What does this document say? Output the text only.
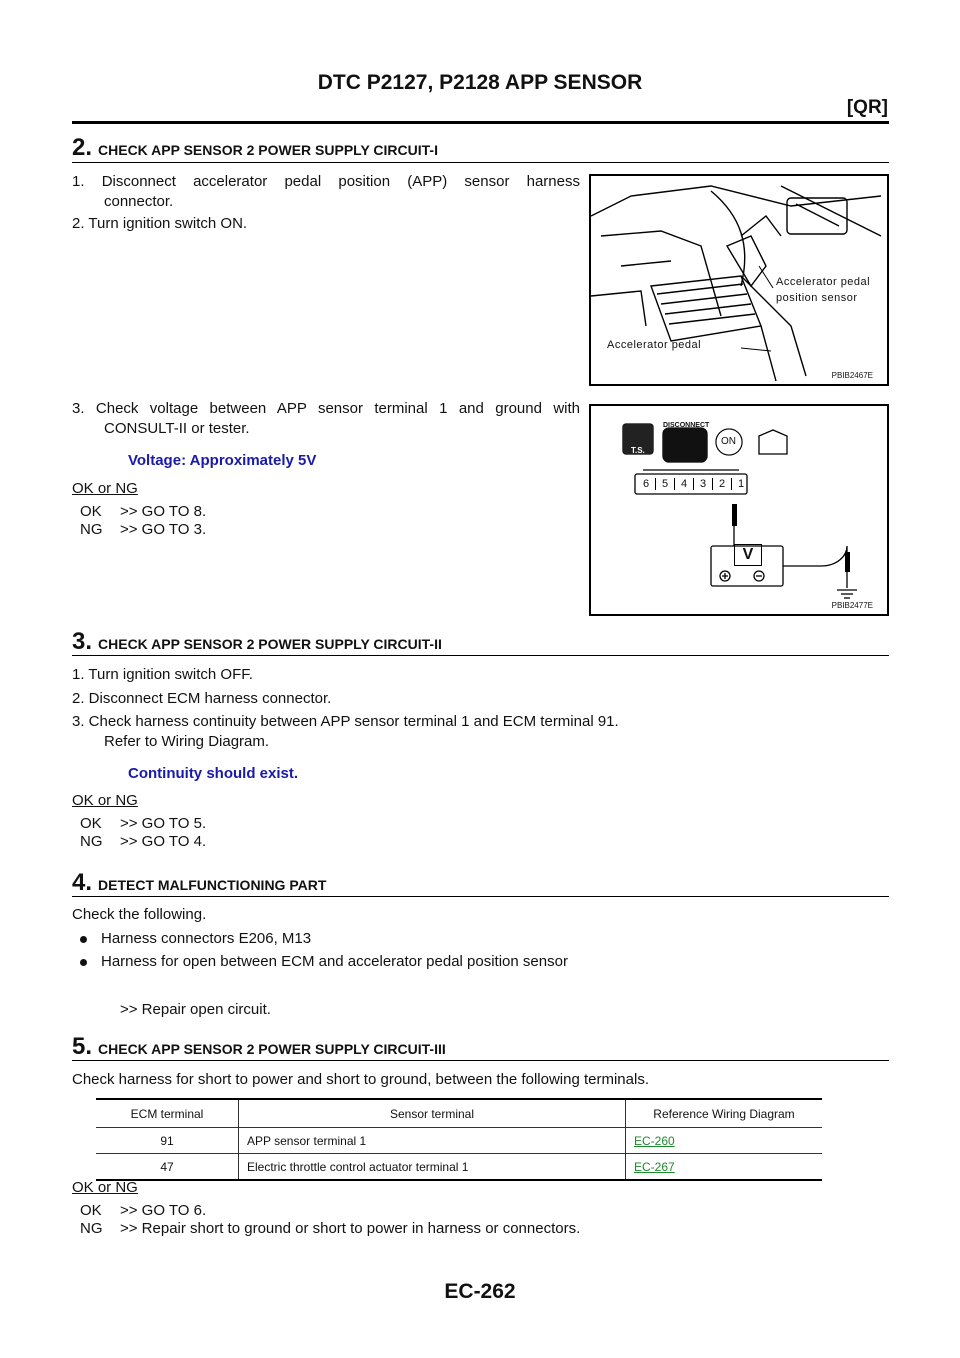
DTC P2127, P2128 APP SENSOR
[QR]
2. CHECK APP SENSOR 2 POWER SUPPLY CIRCUIT-I
1. Disconnect accelerator pedal position (APP) sensor harness
connector.
2. Turn ignition switch ON.
3. Check voltage between APP sensor terminal 1 and ground with
CONSULT-II or tester.
Voltage: Approximately 5V
OK or NG
OK >> GO TO 8.
NG >> GO TO 3.
Accelerator pedal
position sensor
Accelerator pedal
PBIB2467E
DISCONNECT
T.S.
ON
6	5	4	3	2	1
V
PBIB2477E
3. CHECK APP SENSOR 2 POWER SUPPLY CIRCUIT-II
1. Turn ignition switch OFF.
2. Disconnect ECM harness connector.
3. Check harness continuity between APP sensor terminal 1 and ECM terminal 91.
Refer to Wiring Diagram.
Continuity should exist.
OK or NG
OK >> GO TO 5.
NG >> GO TO 4.
4. DETECT MALFUNCTIONING PART
Check the following.
Harness connectors E206, M13
Harness for open between ECM and accelerator pedal position sensor
>> Repair open circuit.
5. CHECK APP SENSOR 2 POWER SUPPLY CIRCUIT-III
Check harness for short to power and short to ground, between the following terminals.
ECM terminal	Sensor terminal	Reference Wiring Diagram
91	APP sensor terminal 1	EC-260
47	Electric throttle control actuator terminal 1	EC-267
OK or NG
OK >> GO TO 6.
NG >> Repair short to ground or short to power in harness or connectors.
EC-262
